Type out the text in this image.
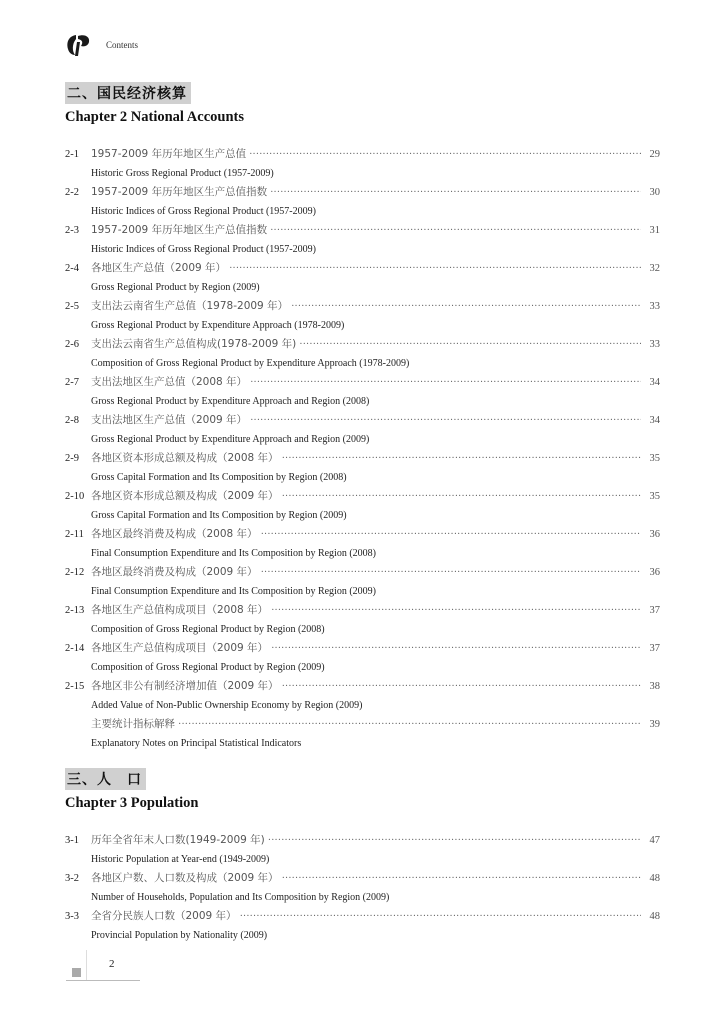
Contents
二、国民经济核算
Chapter 2 National Accounts
2-1	1957-2009 年历年地区生产总值 ·····	29
Historic Gross Regional Product (1957-2009)
2-2	1957-2009 年历年地区生产总值指数 ·····	30
Historic Indices of Gross Regional Product (1957-2009)
2-3	1957-2009 年历年地区生产总值指数 ·····	31
Historic Indices of Gross Regional Product (1957-2009)
2-4	各地区生产总值（2009 年） ·····	32
Gross Regional Product by Region (2009)
2-5	支出法云南省生产总值（1978-2009 年） ·····	33
Gross Regional Product by Expenditure Approach (1978-2009)
2-6	支出法云南省生产总值构成(1978-2009 年) ·····	33
Composition of Gross Regional Product by Expenditure Approach (1978-2009)
2-7	支出法地区生产总值（2008 年） ·····	34
Gross Regional Product by Expenditure Approach and Region (2008)
2-8	支出法地区生产总值（2009 年） ·····	34
Gross Regional Product by Expenditure Approach and Region (2009)
2-9	各地区资本形成总额及构成（2008 年） ·····	35
Gross Capital Formation and Its Composition by Region (2008)
2-10 各地区资本形成总额及构成（2009 年） ·····	35
Gross Capital Formation and Its Composition by Region (2009)
2-11 各地区最终消费及构成（2008 年） ·····	36
Final Consumption Expenditure and Its Composition by Region (2008)
2-12 各地区最终消费及构成（2009 年） ·····	36
Final Consumption Expenditure and Its Composition by Region (2009)
2-13 各地区生产总值构成项目（2008 年） ·····	37
Composition of Gross Regional Product by Region (2008)
2-14 各地区生产总值构成项目（2009 年） ·····	37
Composition of Gross Regional Product by Region (2009)
2-15 各地区非公有制经济增加值（2009 年） ·····	38
Added Value of Non-Public Ownership Economy by Region (2009)
主要统计指标解释 ·····	39
Explanatory Notes on Principal Statistical Indicators
三、人　口
Chapter 3 Population
3-1	历年全省年末人口数(1949-2009 年) ·····	47
Historic Population at Year-end (1949-2009)
3-2	各地区户数、人口数及构成（2009 年） ·····	48
Number of Households, Population and Its Composition by Region (2009)
3-3	全省分民族人口数（2009 年） ·····	48
Provincial Population by Nationality (2009)
2
